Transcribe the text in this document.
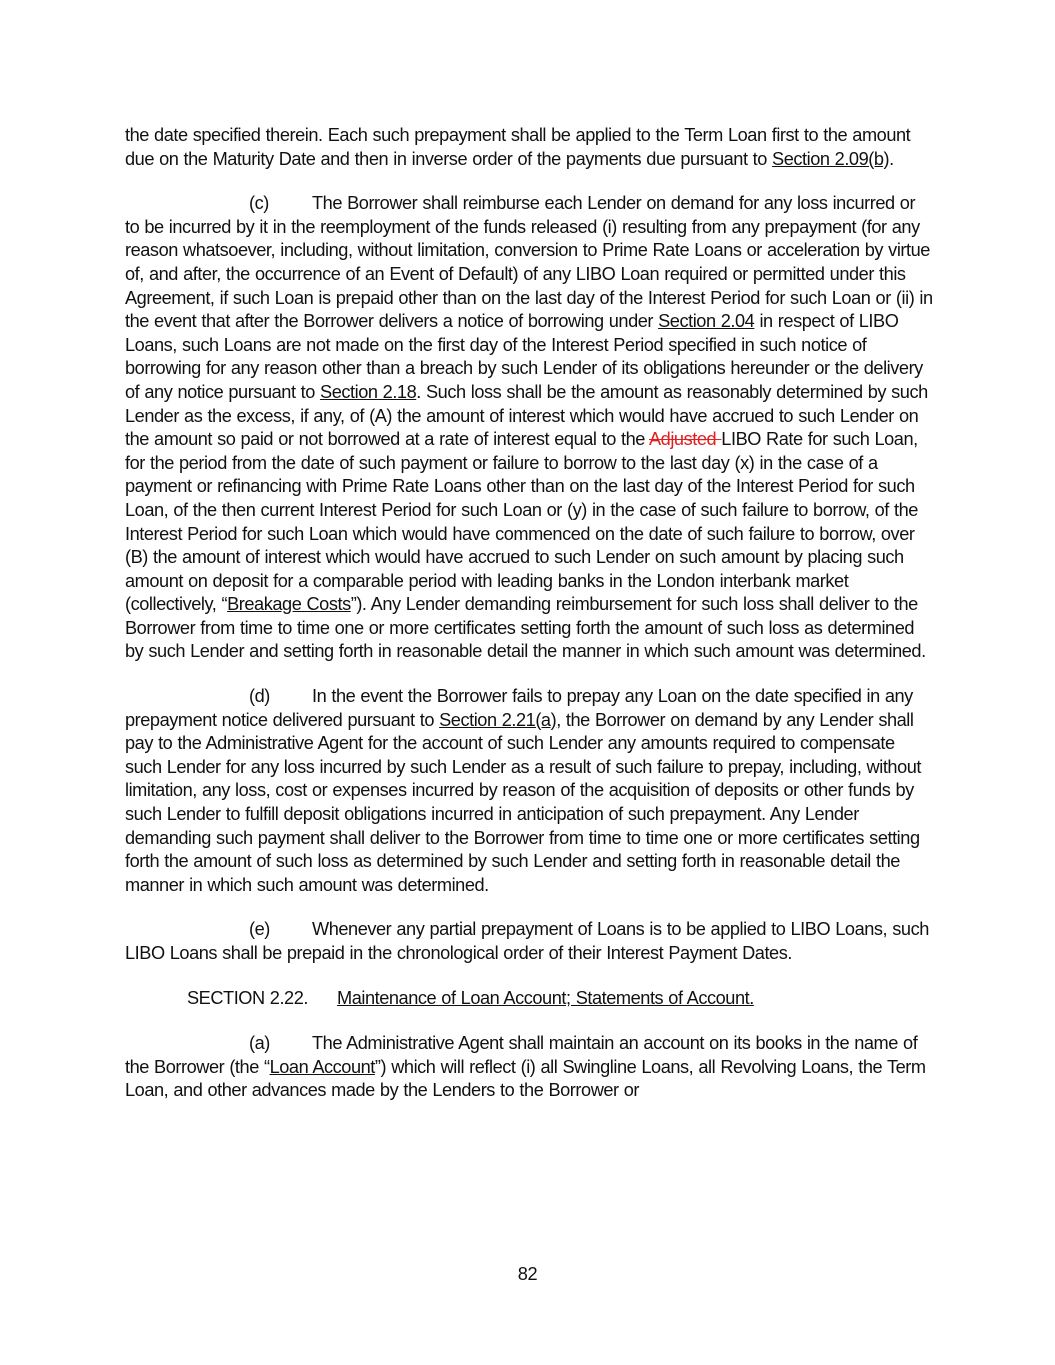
the date specified therein. Each such prepayment shall be applied to the Term Loan first to the amount due on the Maturity Date and then in inverse order of the payments due pursuant to Section 2.09(b).

(c) The Borrower shall reimburse each Lender on demand for any loss incurred or to be incurred by it in the reemployment of the funds released (i) resulting from any prepayment (for any reason whatsoever, including, without limitation, conversion to Prime Rate Loans or acceleration by virtue of, and after, the occurrence of an Event of Default) of any LIBO Loan required or permitted under this Agreement, if such Loan is prepaid other than on the last day of the Interest Period for such Loan or (ii) in the event that after the Borrower delivers a notice of borrowing under Section 2.04 in respect of LIBO Loans, such Loans are not made on the first day of the Interest Period specified in such notice of borrowing for any reason other than a breach by such Lender of its obligations hereunder or the delivery of any notice pursuant to Section 2.18. Such loss shall be the amount as reasonably determined by such Lender as the excess, if any, of (A) the amount of interest which would have accrued to such Lender on the amount so paid or not borrowed at a rate of interest equal to the Adjusted LIBO Rate for such Loan, for the period from the date of such payment or failure to borrow to the last day (x) in the case of a payment or refinancing with Prime Rate Loans other than on the last day of the Interest Period for such Loan, of the then current Interest Period for such Loan or (y) in the case of such failure to borrow, of the Interest Period for such Loan which would have commenced on the date of such failure to borrow, over (B) the amount of interest which would have accrued to such Lender on such amount by placing such amount on deposit for a comparable period with leading banks in the London interbank market (collectively, “Breakage Costs”). Any Lender demanding reimbursement for such loss shall deliver to the Borrower from time to time one or more certificates setting forth the amount of such loss as determined by such Lender and setting forth in reasonable detail the manner in which such amount was determined.

(d) In the event the Borrower fails to prepay any Loan on the date specified in any prepayment notice delivered pursuant to Section 2.21(a), the Borrower on demand by any Lender shall pay to the Administrative Agent for the account of such Lender any amounts required to compensate such Lender for any loss incurred by such Lender as a result of such failure to prepay, including, without limitation, any loss, cost or expenses incurred by reason of the acquisition of deposits or other funds by such Lender to fulfill deposit obligations incurred in anticipation of such prepayment. Any Lender demanding such payment shall deliver to the Borrower from time to time one or more certificates setting forth the amount of such loss as determined by such Lender and setting forth in reasonable detail the manner in which such amount was determined.

(e) Whenever any partial prepayment of Loans is to be applied to LIBO Loans, such LIBO Loans shall be prepaid in the chronological order of their Interest Payment Dates.

SECTION 2.22. Maintenance of Loan Account; Statements of Account.

(a) The Administrative Agent shall maintain an account on its books in the name of the Borrower (the “Loan Account”) which will reflect (i) all Swingline Loans, all Revolving Loans, the Term Loan, and other advances made by the Lenders to the Borrower or

82
